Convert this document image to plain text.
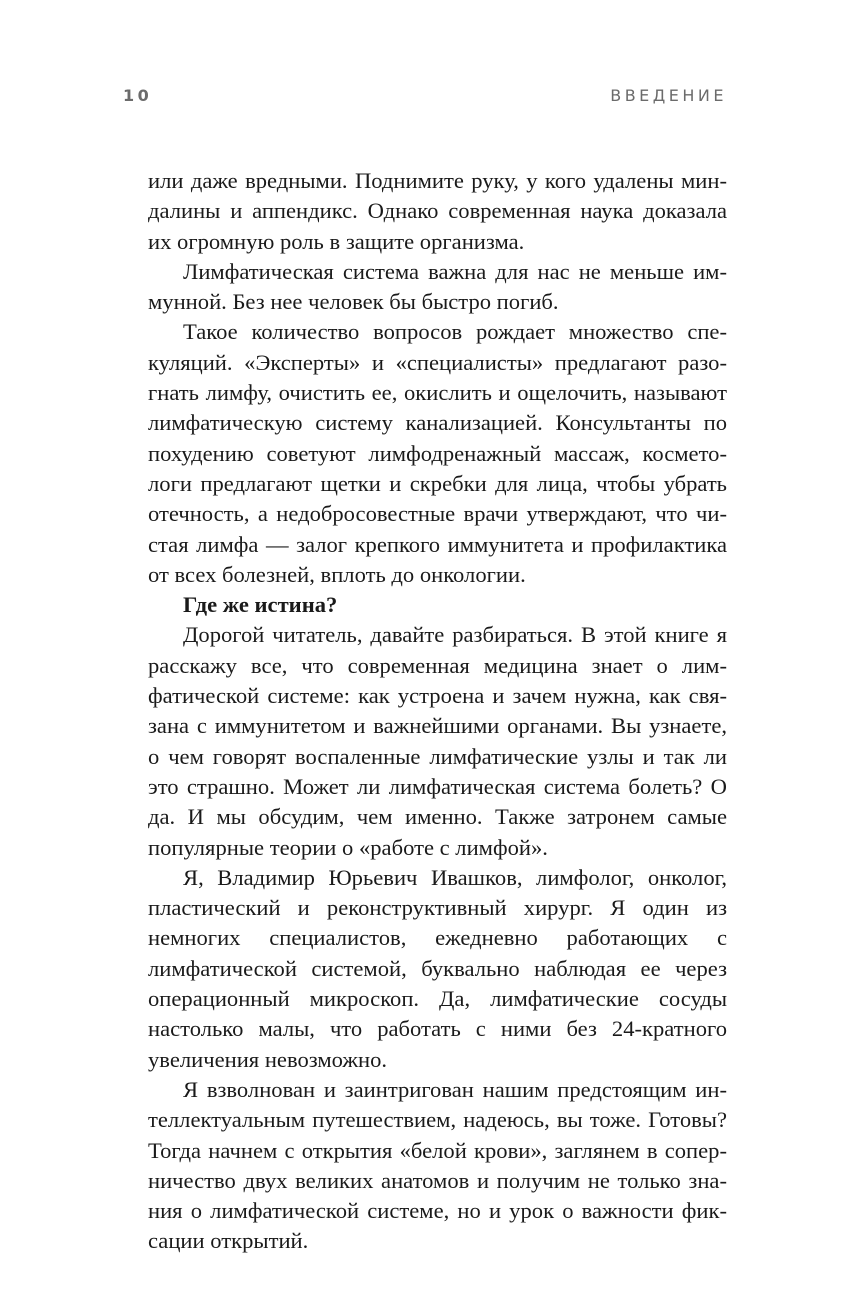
10	ВВЕДЕНИЕ

или даже вредными. Поднимите руку, у кого удалены миндалины и аппендикс. Однако современная наука доказала их огромную роль в защите организма.

Лимфатическая система важна для нас не меньше иммунной. Без нее человек бы быстро погиб.

Такое количество вопросов рождает множество спекуляций. «Эксперты» и «специалисты» предлагают разогнать лимфу, очистить ее, окислить и ощелочить, называют лимфатическую систему канализацией. Консультанты по похудению советуют лимфодренажный массаж, косметологи предлагают щетки и скребки для лица, чтобы убрать отечность, а недобросовестные врачи утверждают, что чистая лимфа — залог крепкого иммунитета и профилактика от всех болезней, вплоть до онкологии.

Где же истина?

Дорогой читатель, давайте разбираться. В этой книге я расскажу все, что современная медицина знает о лимфатической системе: как устроена и зачем нужна, как связана с иммунитетом и важнейшими органами. Вы узнаете, о чем говорят воспаленные лимфатические узлы и так ли это страшно. Может ли лимфатическая система болеть? О да. И мы обсудим, чем именно. Также затронем самые популярные теории о «работе с лимфой».

Я, Владимир Юрьевич Ивашков, лимфолог, онколог, пластический и реконструктивный хирург. Я один из немногих специалистов, ежедневно работающих с лимфатической системой, буквально наблюдая ее через операционный микроскоп. Да, лимфатические сосуды настолько малы, что работать с ними без 24-кратного увеличения невозможно.

Я взволнован и заинтригован нашим предстоящим интеллектуальным путешествием, надеюсь, вы тоже. Готовы? Тогда начнем с открытия «белой крови», заглянем в соперничество двух великих анатомов и получим не только знания о лимфатической системе, но и урок о важности фиксации открытий.
